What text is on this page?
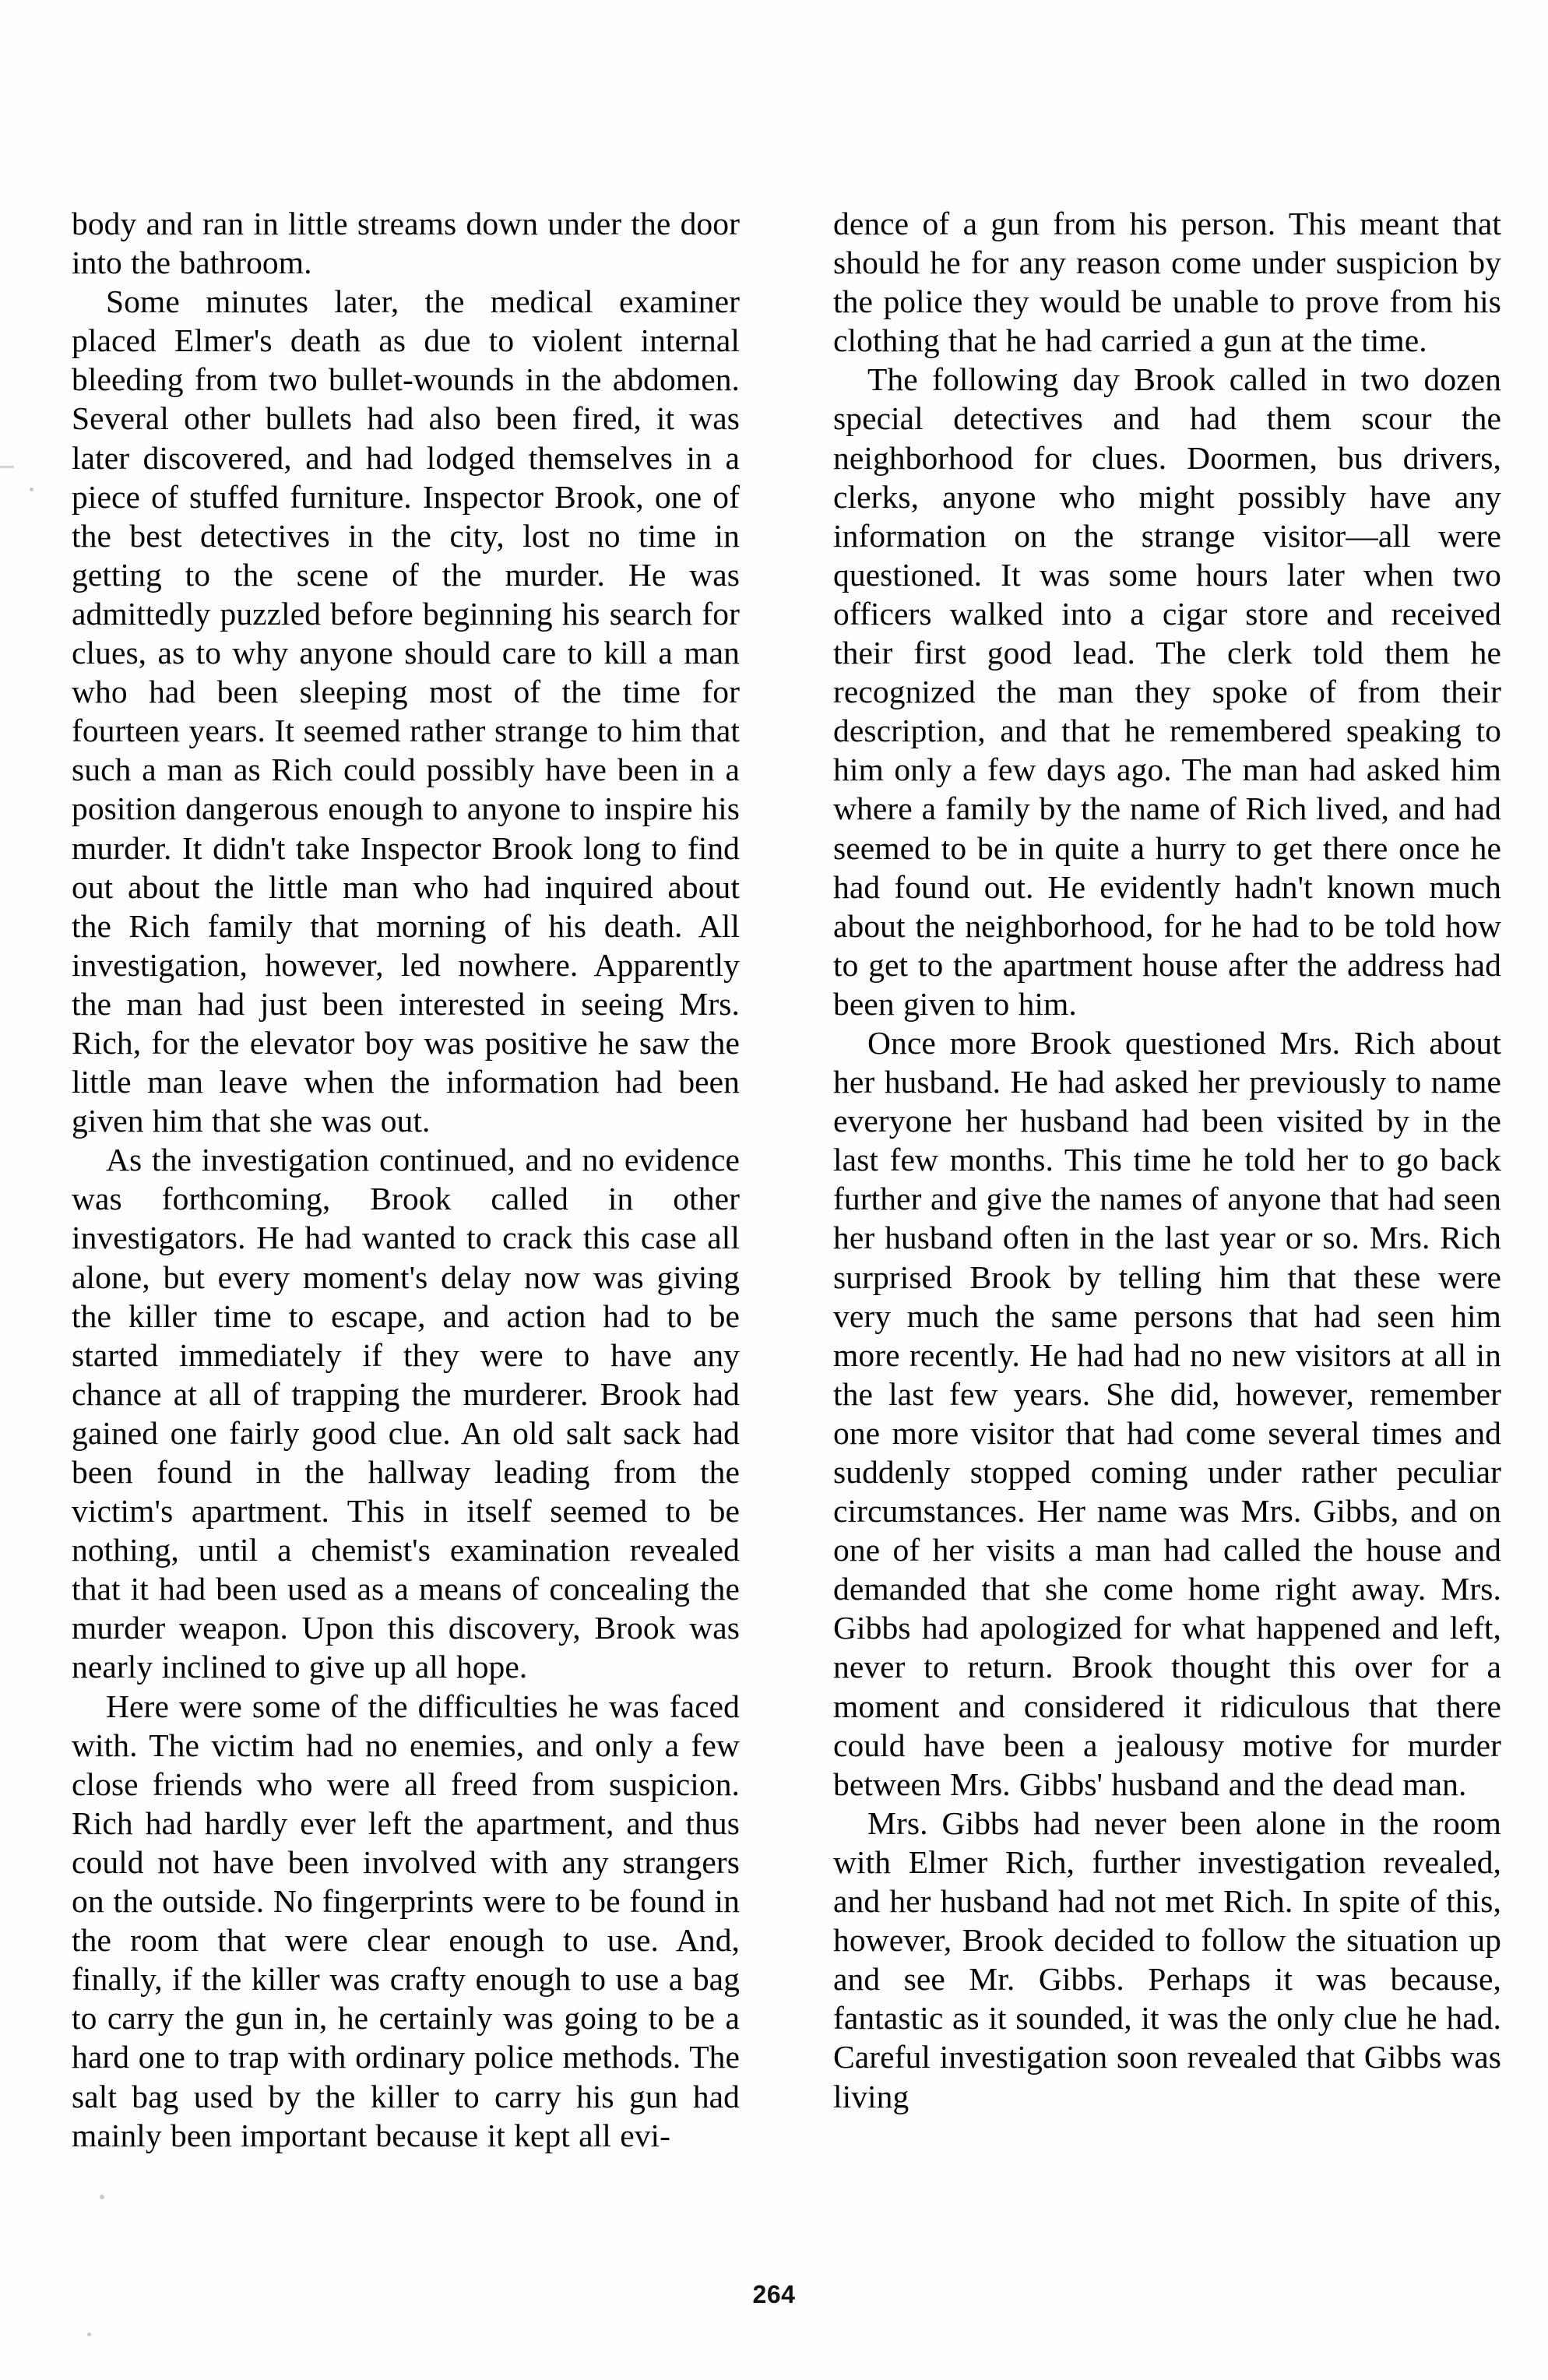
body and ran in little streams down under the door into the bathroom.

Some minutes later, the medical examiner placed Elmer's death as due to violent internal bleeding from two bullet-wounds in the abdomen. Several other bullets had also been fired, it was later discovered, and had lodged themselves in a piece of stuffed furniture. Inspector Brook, one of the best detectives in the city, lost no time in getting to the scene of the murder. He was admittedly puzzled before beginning his search for clues, as to why anyone should care to kill a man who had been sleeping most of the time for fourteen years. It seemed rather strange to him that such a man as Rich could possibly have been in a position dangerous enough to anyone to inspire his murder. It didn't take Inspector Brook long to find out about the little man who had inquired about the Rich family that morning of his death. All investigation, however, led nowhere. Apparently the man had just been interested in seeing Mrs. Rich, for the elevator boy was positive he saw the little man leave when the information had been given him that she was out.

As the investigation continued, and no evidence was forthcoming, Brook called in other investigators. He had wanted to crack this case all alone, but every moment's delay now was giving the killer time to escape, and action had to be started immediately if they were to have any chance at all of trapping the murderer. Brook had gained one fairly good clue. An old salt sack had been found in the hallway leading from the victim's apartment. This in itself seemed to be nothing, until a chemist's examination revealed that it had been used as a means of concealing the murder weapon. Upon this discovery, Brook was nearly inclined to give up all hope.

Here were some of the difficulties he was faced with. The victim had no enemies, and only a few close friends who were all freed from suspicion. Rich had hardly ever left the apartment, and thus could not have been involved with any strangers on the outside. No fingerprints were to be found in the room that were clear enough to use. And, finally, if the killer was crafty enough to use a bag to carry the gun in, he certainly was going to be a hard one to trap with ordinary police methods. The salt bag used by the killer to carry his gun had mainly been important because it kept all evi-

dence of a gun from his person. This meant that should he for any reason come under suspicion by the police they would be unable to prove from his clothing that he had carried a gun at the time.

The following day Brook called in two dozen special detectives and had them scour the neighborhood for clues. Doormen, bus drivers, clerks, anyone who might possibly have any information on the strange visitor—all were questioned. It was some hours later when two officers walked into a cigar store and received their first good lead. The clerk told them he recognized the man they spoke of from their description, and that he remembered speaking to him only a few days ago. The man had asked him where a family by the name of Rich lived, and had seemed to be in quite a hurry to get there once he had found out. He evidently hadn't known much about the neighborhood, for he had to be told how to get to the apartment house after the address had been given to him.

Once more Brook questioned Mrs. Rich about her husband. He had asked her previously to name everyone her husband had been visited by in the last few months. This time he told her to go back further and give the names of anyone that had seen her husband often in the last year or so. Mrs. Rich surprised Brook by telling him that these were very much the same persons that had seen him more recently. He had had no new visitors at all in the last few years. She did, however, remember one more visitor that had come several times and suddenly stopped coming under rather peculiar circumstances. Her name was Mrs. Gibbs, and on one of her visits a man had called the house and demanded that she come home right away. Mrs. Gibbs had apologized for what happened and left, never to return. Brook thought this over for a moment and considered it ridiculous that there could have been a jealousy motive for murder between Mrs. Gibbs' husband and the dead man.

Mrs. Gibbs had never been alone in the room with Elmer Rich, further investigation revealed, and her husband had not met Rich. In spite of this, however, Brook decided to follow the situation up and see Mr. Gibbs. Perhaps it was because, fantastic as it sounded, it was the only clue he had. Careful investigation soon revealed that Gibbs was living

264
